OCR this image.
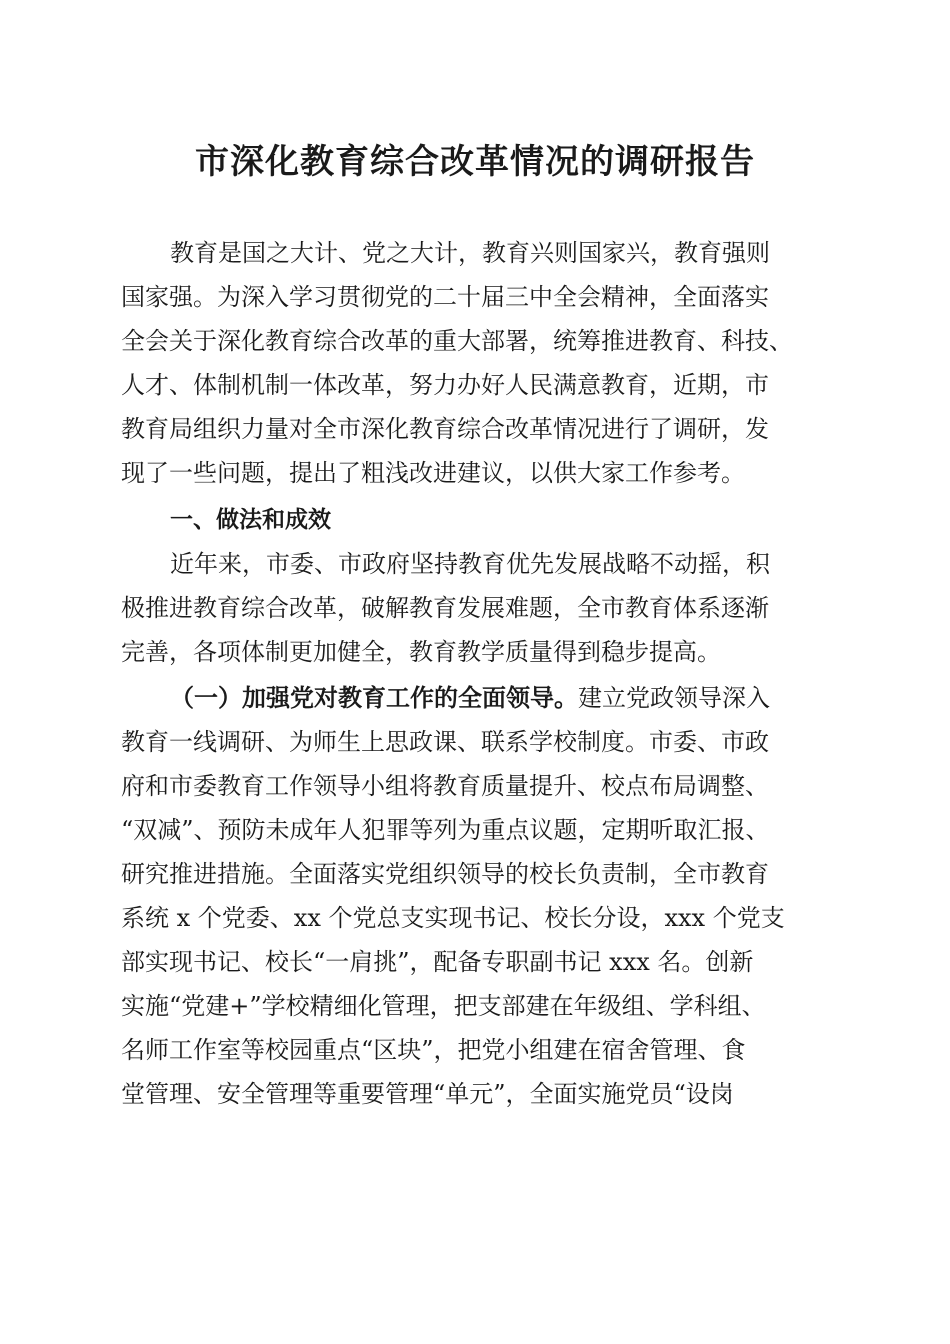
市深化教育综合改革情况的调研报告
教育是国之大计、党之大计，教育兴则国家兴，教育强则
国家强。为深入学习贯彻党的二十届三中全会精神，全面落实
全会关于深化教育综合改革的重大部署，统筹推进教育、科技、
人才、体制机制一体改革，努力办好人民满意教育，近期，市
教育局组织力量对全市深化教育综合改革情况进行了调研，发
现了一些问题，提出了粗浅改进建议，以供大家工作参考。
一、做法和成效
近年来，市委、市政府坚持教育优先发展战略不动摇，积
极推进教育综合改革，破解教育发展难题，全市教育体系逐渐
完善，各项体制更加健全，教育教学质量得到稳步提高。
（一）加强党对教育工作的全面领导。建立党政领导深入
教育一线调研、为师生上思政课、联系学校制度。市委、市政
府和市委教育工作领导小组将教育质量提升、校点布局调整、
“双减”、预防未成年人犯罪等列为重点议题，定期听取汇报、
研究推进措施。全面落实党组织领导的校长负责制，全市教育
系统 x 个党委、xx 个党总支实现书记、校长分设，xxx 个党支
部实现书记、校长“一肩挑”，配备专职副书记 xxx 名。创新
实施“党建+”学校精细化管理，把支部建在年级组、学科组、
名师工作室等校园重点“区块”，把党小组建在宿舍管理、食
堂管理、安全管理等重要管理“单元”，全面实施党员“设岗
